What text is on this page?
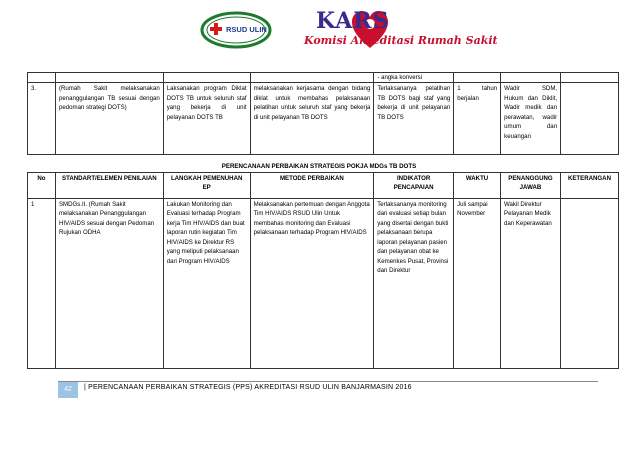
RSUD ULIN KARS
Komisi Akreditasi Rumah Sakit
				- angka konversi			
3.	(Rumah Sakit melaksanakan penanggulangan TB sesuai dengan pedoman strategi DOTS)	Laksanakan program Diklat DOTS TB untuk seluruh staf yang bekerja di unit pelayanan DOTS TB	melaksanakan kerjasama dengan bidang diklat untuk membahas pelaksanaan pelatihan untuk seluruh staf yang bekerja di unit pelayanan TB DOTS	Terlaksananya pelatihan TB DOTS bagi staf yang bekerja di unit pelayanan TB DOTS	1 tahun berjalan	Wadir SDM, Hukum dan Diklit, Wadir medik dan perawatan, wadir umum dan keuangan	
PERENCANAAN PERBAIKAN STRATEGIS POKJA MDGs TB DOTS
No	STANDART/ELEMEN PENILAIAN	LANGKAH PEMENUHAN EP	METODE PERBAIKAN	INDIKATOR PENCAPAIAN	WAKTU	PENANGGUNG JAWAB	KETERANGAN
1	SMDGs.II. (Rumah Sakit melaksanakan Penanggulangan HIV/AIDS sesuai dengan Pedoman Rujukan ODHA	Lakukan Monitoring dan Evaluasi terhadap Program kerja Tim HIV/AIDS dan buat laporan rutin kegiatan Tim HIV/AIDS ke Direktur RS yang meliputi pelaksanaan dari Program HIV/AIDS	Melaksanakan pertemuan dengan Anggota Tim HIV/AIDS RSUD Ulin Untuk membahas monitoring dan Evaluasi pelaksanaan terhadap Program HIV/AIDS	Terlaksananya monitoring dan evaluasi setiap bulan yang disertai dengan bukti pelaksanaan berupa laporan pelayanan pasien dan pelayanan obat ke Kemenkes Pusat, Provinsi dan Direktur	Juli sampai November	Wakil Direktur Pelayanan Medik dan Keperawatan	
42	| PERENCANAAN PERBAIKAN STRATEGIS (PPS) AKREDITASI RSUD ULIN BANJARMASIN 2016
